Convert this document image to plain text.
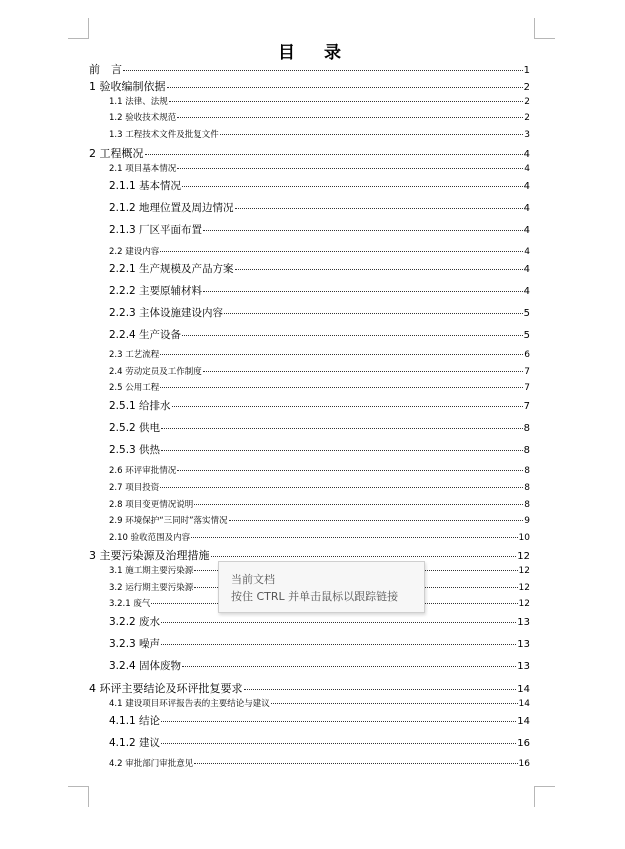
目　录
前　言	1
1 验收编制依据	2
1.1 法律、法规	2
1.2 验收技术规范	2
1.3 工程技术文件及批复文件	3
2 工程概况	4
2.1 项目基本情况	4
2.1.1 基本情况	4
2.1.2 地理位置及周边情况	4
2.1.3 厂区平面布置	4
2.2 建设内容	4
2.2.1 生产规模及产品方案	4
2.2.2 主要原辅材料	4
2.2.3 主体设施建设内容	5
2.2.4 生产设备	5
2.3 工艺流程	6
2.4 劳动定员及工作制度	7
2.5 公用工程	7
2.5.1 给排水	7
2.5.2 供电	8
2.5.3 供热	8
2.6 环评审批情况	8
2.7 项目投资	8
2.8 项目变更情况说明	8
2.9 环境保护“三同时”落实情况	9
2.10 验收范围及内容	10
3 主要污染源及治理措施	12
3.1 施工期主要污染源	12
3.2 运行期主要污染源	12
3.2.1 废气	12
3.2.2 废水	13
3.2.3 噪声	13
3.2.4 固体废物	13
4 环评主要结论及环评批复要求	14
4.1 建设项目环评报告表的主要结论与建议	14
4.1.1 结论	14
4.1.2 建议	16
4.2 审批部门审批意见	16
当前文档
按住 CTRL 并单击鼠标以跟踪链接
